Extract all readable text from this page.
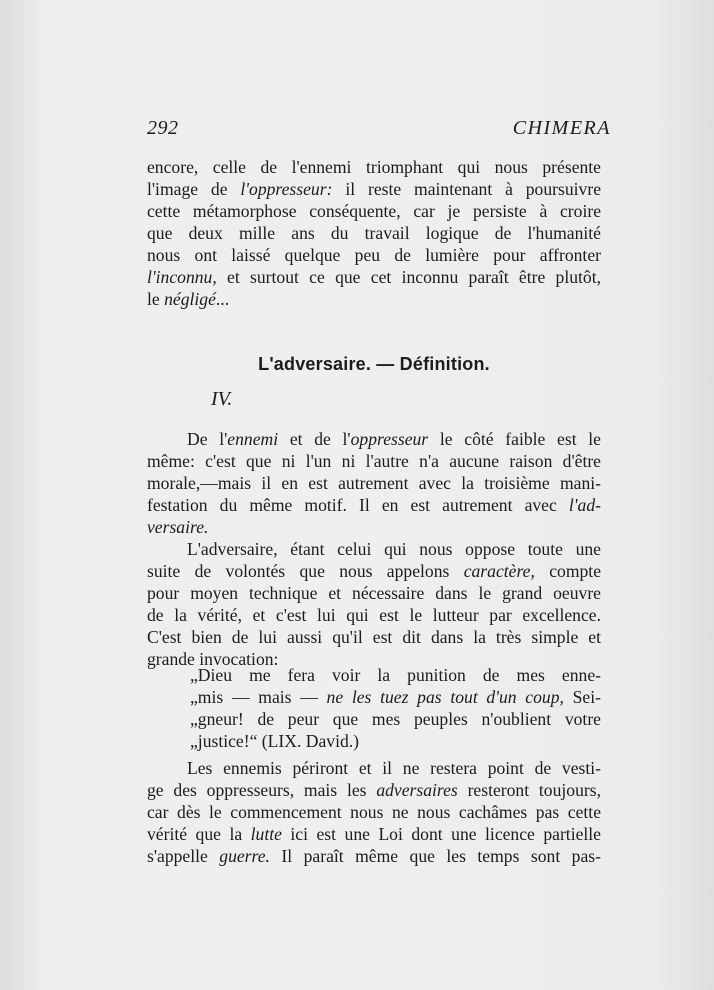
292	CHIMERA
encore, celle de l'ennemi triomphant qui nous présente
l'image de l'oppresseur: il reste maintenant à poursuivre
cette métamorphose conséquente, car je persiste à croire
que deux mille ans du travail logique de l'humanité
nous ont laissé quelque peu de lumière pour affronter
l'inconnu, et surtout ce que cet inconnu paraît être plutôt,
le négligé...
L'adversaire. — Définition.
IV.
De l'ennemi et de l'oppresseur le côté faible est le
même: c'est que ni l'un ni l'autre n'a aucune raison d'être
morale,—mais il en est autrement avec la troisième mani-
festation du même motif. Il en est autrement avec l'ad-
versaire.
L'adversaire, étant celui qui nous oppose toute une
suite de volontés que nous appelons caractère, compte
pour moyen technique et nécessaire dans le grand oeuvre
de la vérité, et c'est lui qui est le lutteur par excellence.
C'est bien de lui aussi qu'il est dit dans la très simple et
grande invocation:
„Dieu me fera voir la punition de mes enne-
„mis — mais — ne les tuez pas tout d'un coup, Sei-
„gneur! de peur que mes peuples n'oublient votre
„justice!“ (LIX. David.)
Les ennemis périront et il ne restera point de vesti-
ge des oppresseurs, mais les adversaires resteront toujours,
car dès le commencement nous ne nous cachâmes pas cette
vérité que la lutte ici est une Loi dont une licence partielle
s'appelle guerre. Il paraît même que les temps sont pas-
